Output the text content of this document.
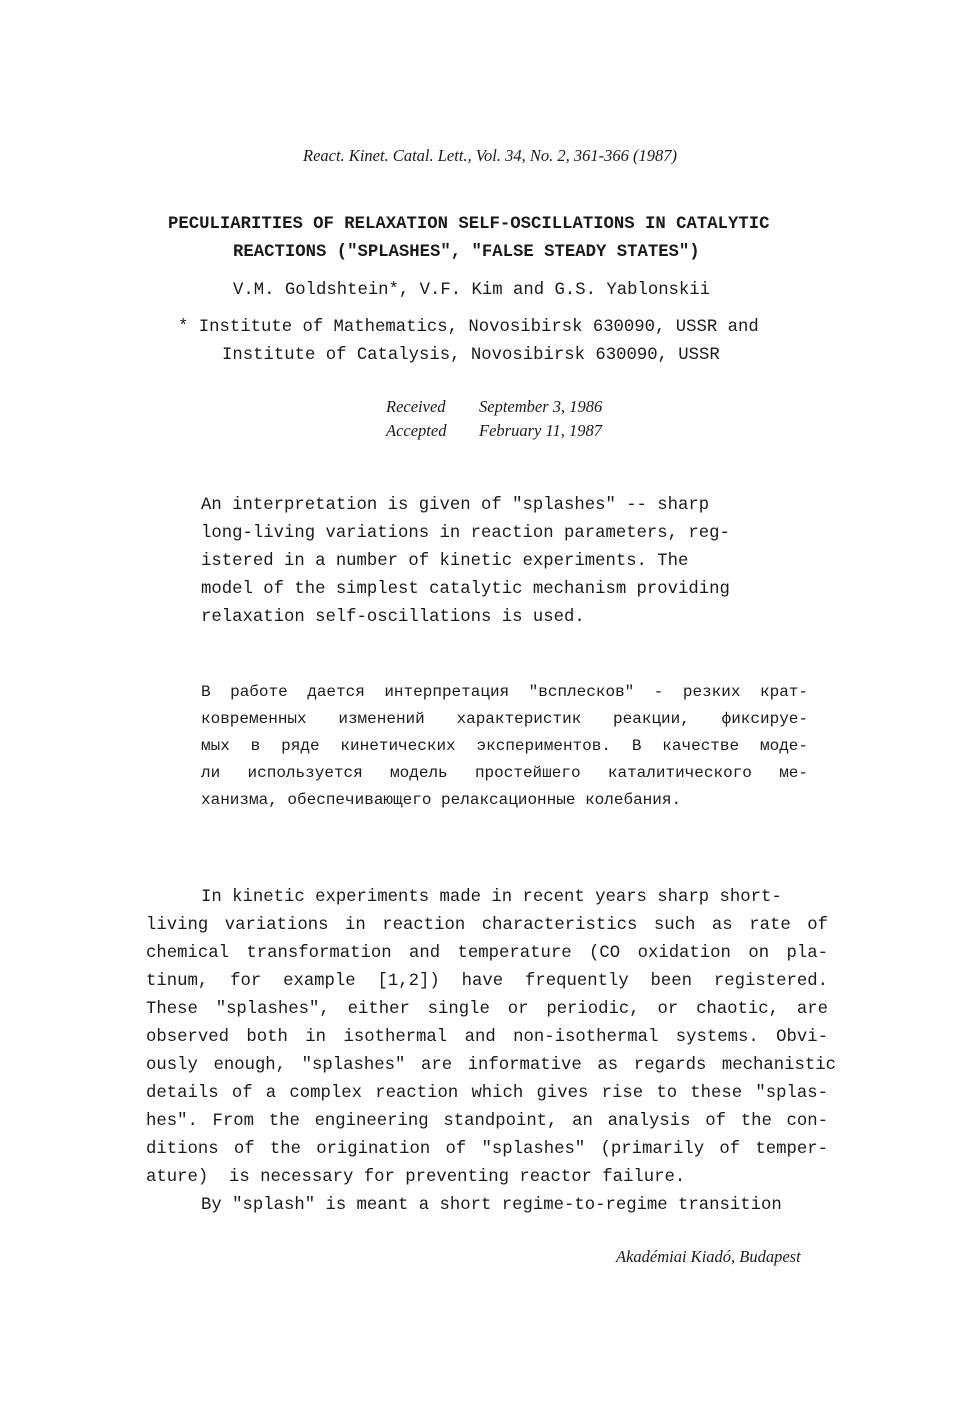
React. Kinet. Catal. Lett., Vol. 34, No. 2, 361-366 (1987)
PECULIARITIES OF RELAXATION SELF-OSCILLATIONS IN CATALYTIC
REACTIONS ("SPLASHES", "FALSE STEADY STATES")
V.M. Goldshtein*, V.F. Kim and G.S. Yablonskii
* Institute of Mathematics, Novosibirsk 630090, USSR and
Institute of Catalysis, Novosibirsk 630090, USSR
Received September 3, 1986
Accepted February 11, 1987
An interpretation is given of "splashes" -- sharp
long-living variations in reaction parameters, reg-
istered in a number of kinetic experiments. The
model of the simplest catalytic mechanism providing
relaxation self-oscillations is used.
В работе дается интерпретация "всплесков" - резких крат-
ковременных изменений характеристик реакции, фиксируе-
мых в ряде кинетических экспериментов. В качестве моде-
ли используется модель простейшего каталитического ме-
ханизма, обеспечивающего релаксационные колебания.
In kinetic experiments made in recent years sharp short-
living variations in reaction characteristics such as rate of
chemical transformation and temperature (CO oxidation on pla-
tinum, for example [1,2]) have frequently been registered.
These "splashes", either single or periodic, or chaotic, are
observed both in isothermal and non-isothermal systems. Obvi-
ously enough, "splashes" are informative as regards mechanistic
details of a complex reaction which gives rise to these "splas-
hes". From the engineering standpoint, an analysis of the con-
ditions of the origination of "splashes" (primarily of temper-
ature)  is necessary for preventing reactor failure.
By "splash" is meant a short regime-to-regime transition
Akadémiai Kiadó, Budapest
